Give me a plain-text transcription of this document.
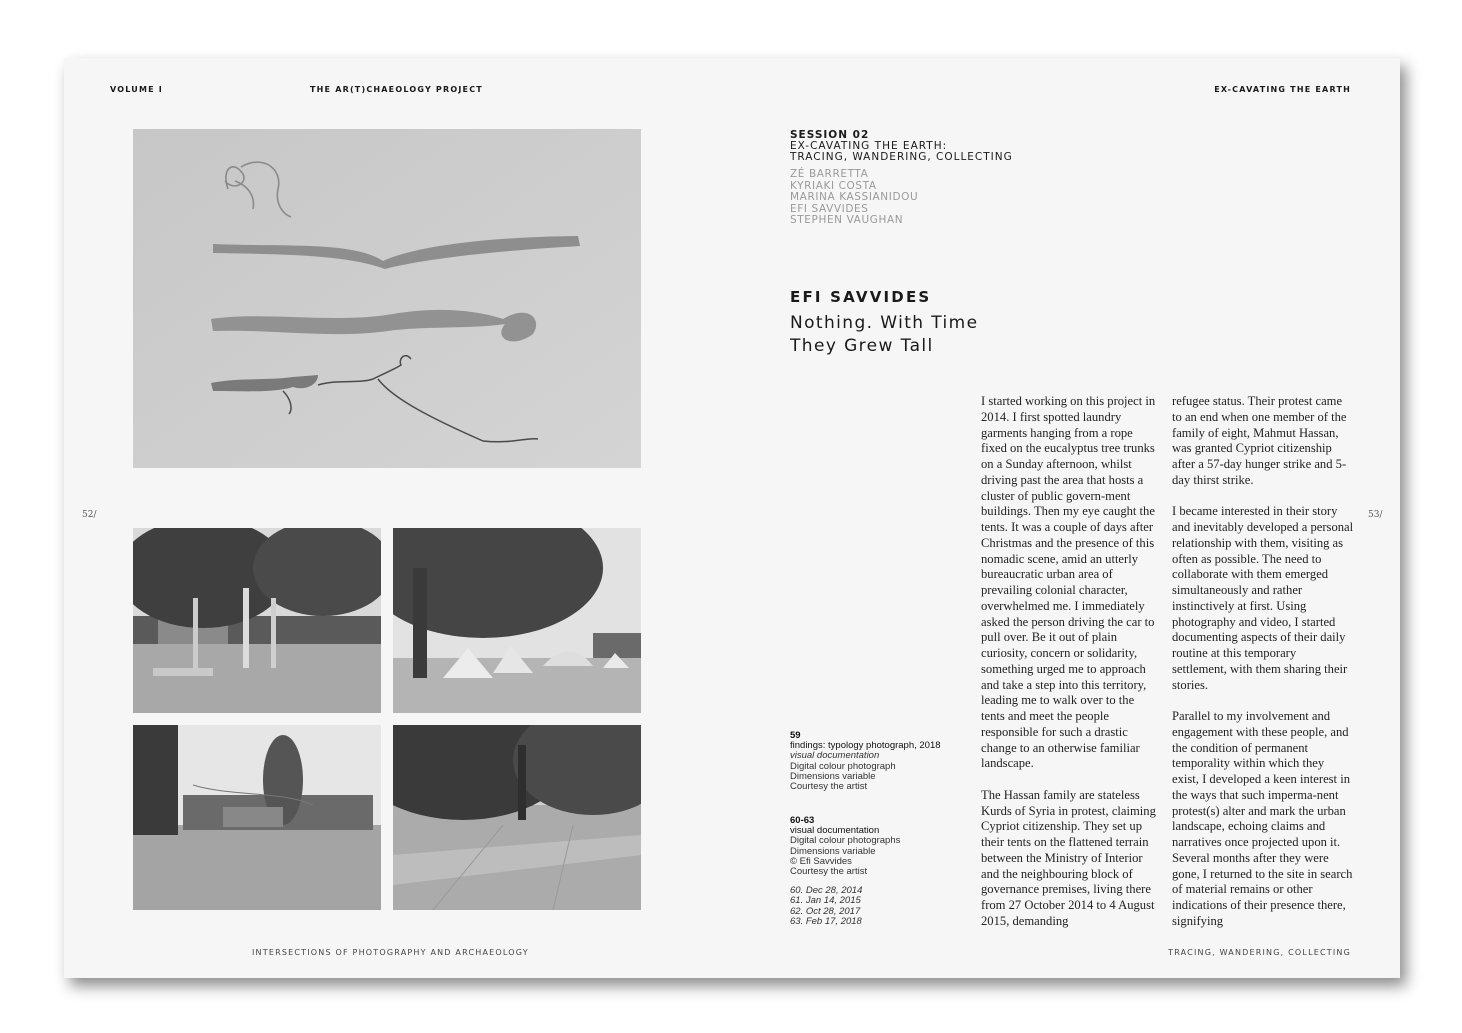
VOLUME I	THE AR(T)CHAEOLOGY PROJECT	EX-CAVATING THE EARTH
52/	53/
SESSION 02
EX-CAVATING THE EARTH:
TRACING, WANDERING, COLLECTING
ZÉ BARRETTA
KYRIAKI COSTA
MARINA KASSIANIDOU
EFI SAVVIDES
STEPHEN VAUGHAN
EFI SAVVIDES
Nothing. With Time
They Grew Tall
59
findings: typology photograph, 2018
visual documentation
Digital colour photograph
Dimensions variable
Courtesy the artist
60-63
visual documentation
Digital colour photographs
Dimensions variable
© Efi Savvides
Courtesy the artist
60. Dec 28, 2014
61. Jan 14, 2015
62. Oct 28, 2017
63. Feb 17, 2018

I started working on this project in 2014. I first spotted laundry garments hanging from a rope fixed on the eucalyptus tree trunks on a Sunday afternoon, whilst driving past the area that hosts a cluster of public govern-ment buildings. Then my eye caught the tents. It was a couple of days after Christmas and the presence of this nomadic scene, amid an utterly bureaucratic urban area of prevailing colonial character, overwhelmed me. I immediately asked the person driving the car to pull over. Be it out of plain curiosity, concern or solidarity, something urged me to approach and take a step into this territory, leading me to walk over to the tents and meet the people responsible for such a drastic change to an otherwise familiar landscape.

The Hassan family are stateless Kurds of Syria in protest, claiming Cypriot citizenship. They set up their tents on the flattened terrain between the Ministry of Interior and the neighbouring block of governance premises, living there from 27 October 2014 to 4 August 2015, demanding

refugee status. Their protest came to an end when one member of the family of eight, Mahmut Hassan, was granted Cypriot citizenship after a 57-day hunger strike and 5-day thirst strike.

I became interested in their story and inevitably developed a personal relationship with them, visiting as often as possible. The need to collaborate with them emerged simultaneously and rather instinctively at first. Using photography and video, I started documenting aspects of their daily routine at this temporary settlement, with them sharing their stories.

Parallel to my involvement and engagement with these people, and the condition of permanent temporality within which they exist, I developed a keen interest in the ways that such imperma-nent protest(s) alter and mark the urban landscape, echoing claims and narratives once projected upon it. Several months after they were gone, I returned to the site in search of material remains or other indications of their presence there, signifying

INTERSECTIONS OF PHOTOGRAPHY AND ARCHAEOLOGY	TRACING, WANDERING, COLLECTING
